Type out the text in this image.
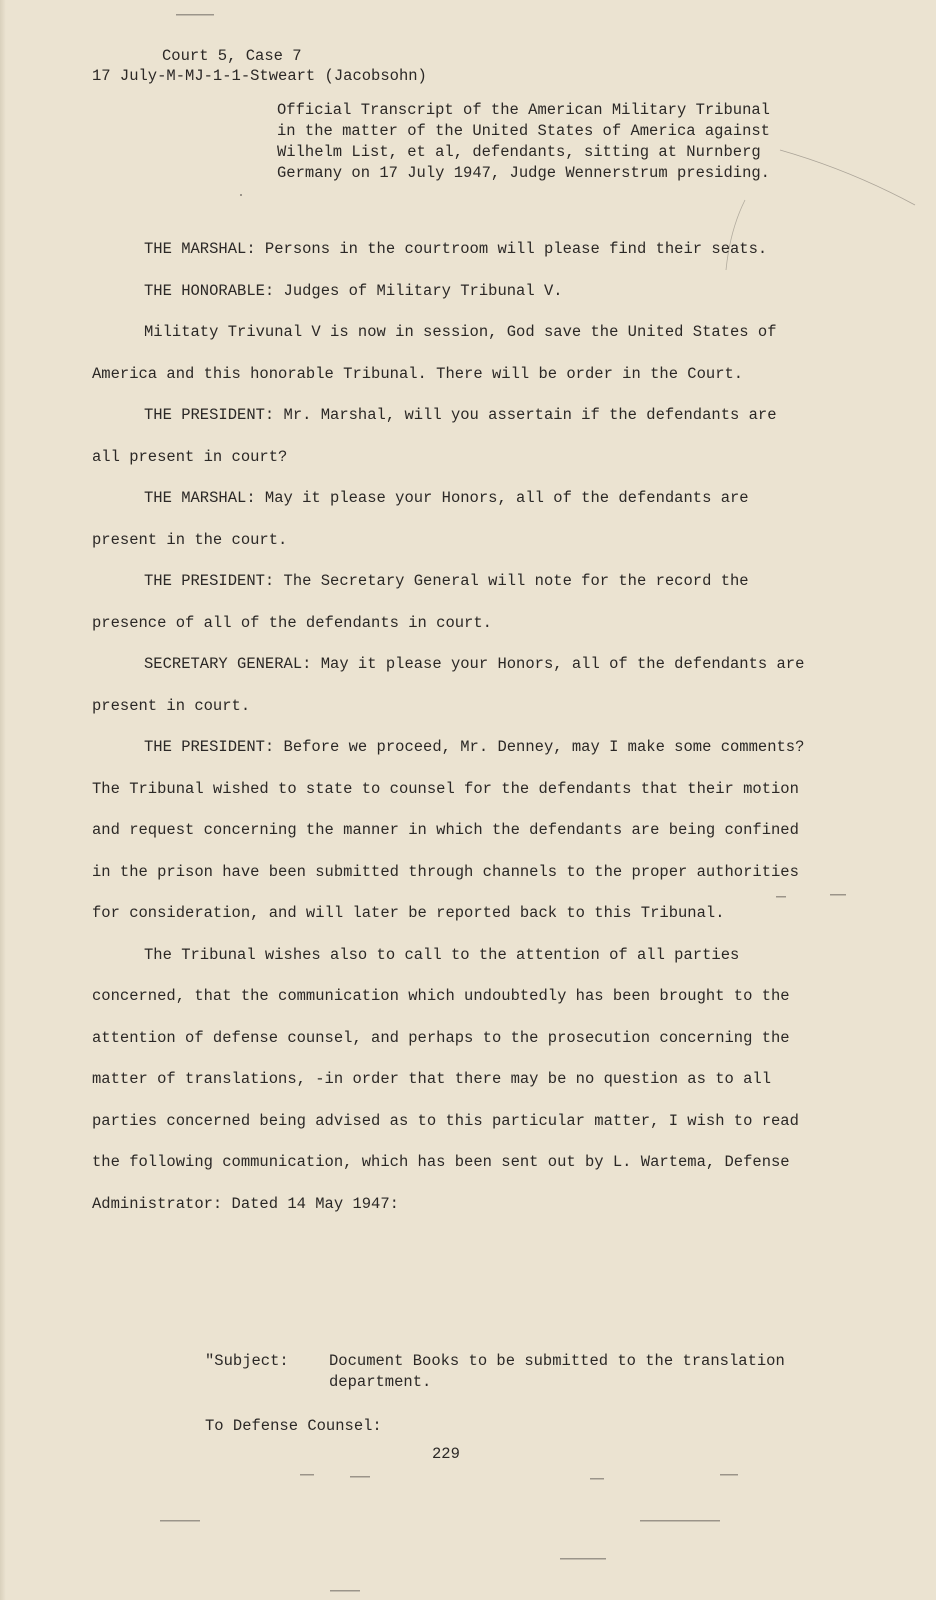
Court 5, Case 7
17 July-M-MJ-1-1-Stweart (Jacobsohn)
Official Transcript of the American Military Tribunal
in the matter of the United States of America against
Wilhelm List, et al, defendants, sitting at Nurnberg
Germany on 17 July 1947, Judge Wennerstrum presiding.

THE MARSHAL: Persons in the courtroom will please find their seats.

THE HONORABLE: Judges of Military Tribunal V.

Militaty Trivunal V is now in session, God save the United States of America and this honorable Tribunal. There will be order in the Court.

THE PRESIDENT: Mr. Marshal, will you assertain if the defendants are all present in court?

THE MARSHAL: May it please your Honors, all of the defendants are present in the court.

THE PRESIDENT: The Secretary General will note for the record the presence of all of the defendants in court.

SECRETARY GENERAL: May it please your Honors, all of the defendants are present in court.

THE PRESIDENT: Before we proceed, Mr. Denney, may I make some comments? The Tribunal wished to state to counsel for the defendants that their motion and request concerning the manner in which the defendants are being confined in the prison have been submitted through channels to the proper authorities for consideration, and will later be reported back to this Tribunal.

The Tribunal wishes also to call to the attention of all parties concerned, that the communication which undoubtedly has been brought to the attention of defense counsel, and perhaps to the prosecution concerning the matter of translations, -in order that there may be no question as to all parties concerned being advised as to this particular matter, I wish to read the following communication, which has been sent out by L. Wartema, Defense Administrator: Dated 14 May 1947:

"Subject:	Document Books to be submitted to the translation department.
To Defense Counsel:
229
